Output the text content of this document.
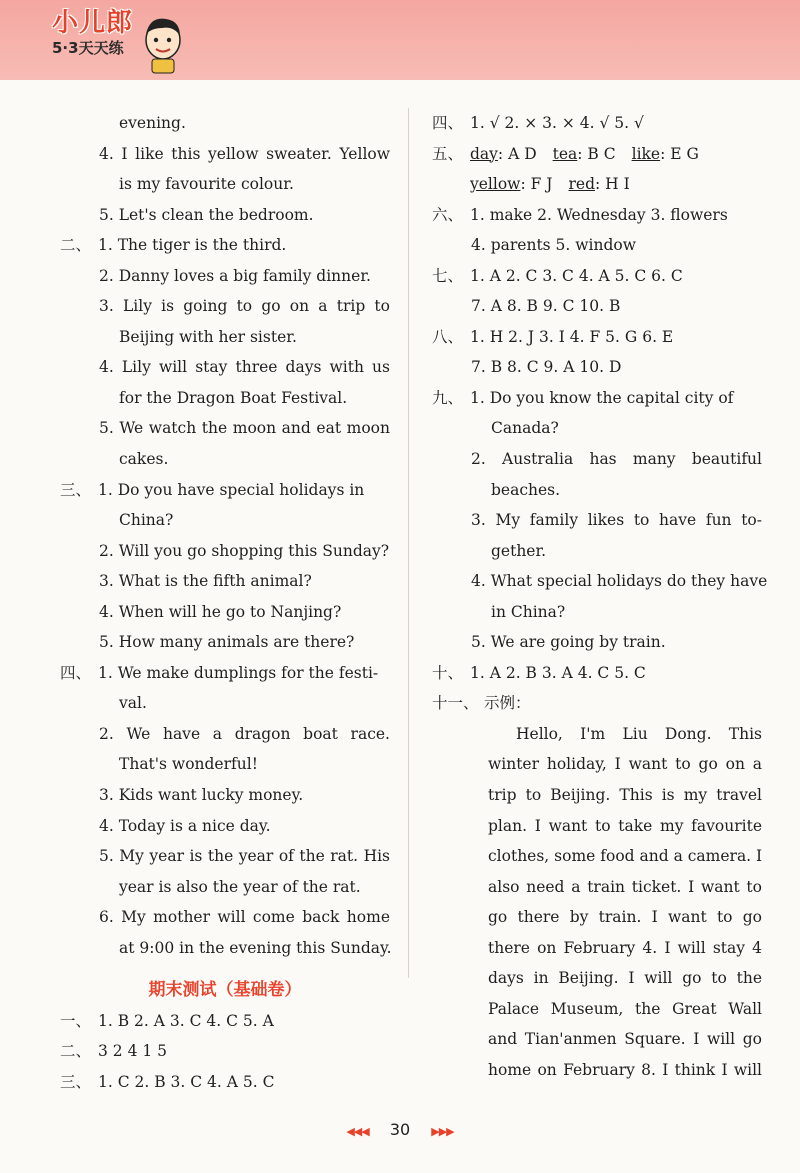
小儿郎
5·3天天练
evening.
4. I like this yellow sweater. Yellow
is my favourite colour.
5. Let's clean the bedroom.
二、 1. The tiger is the third.
2. Danny loves a big family dinner.
3. Lily is going to go on a trip to
Beijing with her sister.
4. Lily will stay three days with us
for the Dragon Boat Festival.
5. We watch the moon and eat moon
cakes.
三、 1. Do you have special holidays in
China?
2. Will you go shopping this Sunday?
3. What is the fifth animal?
4. When will he go to Nanjing?
5. How many animals are there?
四、 1. We make dumplings for the festi-
val.
2. We have a dragon boat race.
That's wonderful!
3. Kids want lucky money.
4. Today is a nice day.
5. My year is the year of the rat. His
year is also the year of the rat.
6. My mother will come back home
at 9:00 in the evening this Sunday.
期末测试（基础卷）
一、 1. B 2. A 3. C 4. C 5. A
二、 3 2 4 1 5
三、 1. C 2. B 3. C 4. A 5. C
四、 1. √ 2. × 3. × 4. √ 5. √
五、 day: A D tea: B C like: E G
yellow: F J red: H I
六、 1. make 2. Wednesday 3. flowers
4. parents 5. window
七、 1. A 2. C 3. C 4. A 5. C 6. C
7. A 8. B 9. C 10. B
八、 1. H 2. J 3. I 4. F 5. G 6. E
7. B 8. C 9. A 10. D
九、 1. Do you know the capital city of
Canada?
2. Australia has many beautiful
beaches.
3. My family likes to have fun to-
gether.
4. What special holidays do they have
in China?
5. We are going by train.
十、 1. A 2. B 3. A 4. C 5. C
十一、 示例：
Hello, I'm Liu Dong. This
winter holiday, I want to go on a
trip to Beijing. This is my travel
plan. I want to take my favourite
clothes, some food and a camera. I
also need a train ticket. I want to
go there by train. I want to go
there on February 4. I will stay 4
days in Beijing. I will go to the
Palace Museum, the Great Wall
and Tian'anmen Square. I will go
home on February 8. I think I will
◀◀◀ 30 ▶▶▶
